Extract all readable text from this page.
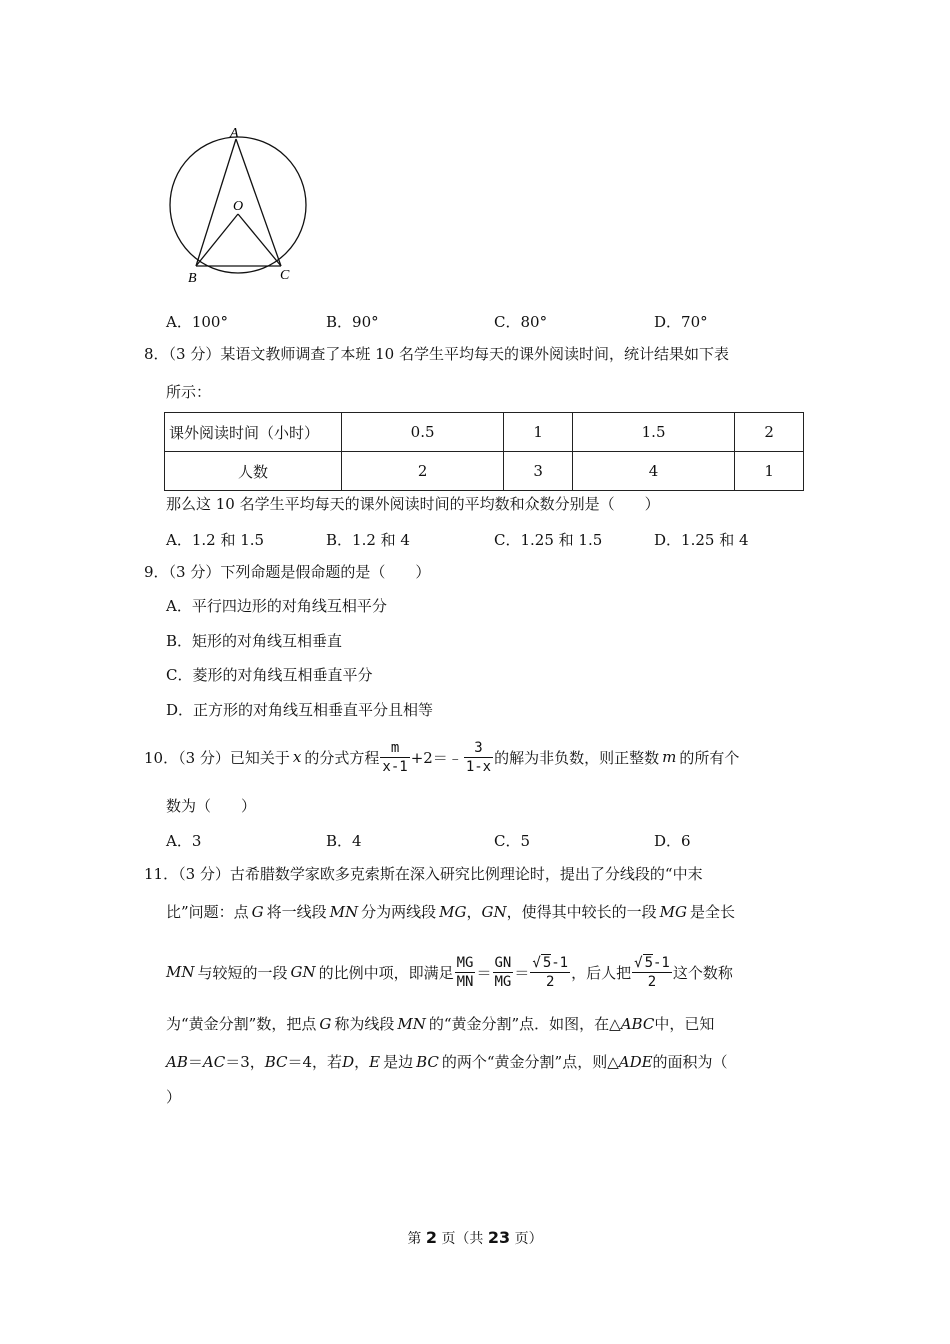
A
O
B	C
A．100°	B．90°	C．80°	D．70°
8．（3 分）某语文教师调查了本班 10 名学生平均每天的课外阅读时间，统计结果如下表
所示：
课外阅读时间（小时）	0.5	1	1.5	2
人数	2	3	4	1
那么这 10 名学生平均每天的课外阅读时间的平均数和众数分别是（　　）
A．1.2 和 1.5	B．1.2 和 4	C．1.25 和 1.5	D．1.25 和 4
9．（3 分）下列命题是假命题的是（　　）
A．平行四边形的对角线互相平分
B．矩形的对角线互相垂直
C．菱形的对角线互相垂直平分
D．正方形的对角线互相垂直平分且相等
10．（3 分）已知关于 x 的分式方程 $\frac{m}{x-1}$ +2＝﹣ $\frac{3}{1-x}$ 的解为非负数，则正整数 m 的所有个
数为（　　）
A．3	B．4	C．5	D．6
11．（3 分）古希腊数学家欧多克索斯在深入研究比例理论时，提出了分线段的“中末
比”问题：点 G 将一线段 MN 分为两线段 MG，GN，使得其中较长的一段 MG 是全长
MN 与较短的一段 GN 的比例中项，即满足 $\frac{MG}{MN} = \frac{GN}{MG} = \frac{√ 5-1}{2}$ ，后人把 $\frac{√ 5-1}{2}$ 这个数称
为“黄金分割”数，把点 G 称为线段 MN 的“黄金分割”点．如图，在△ABC中，已知
AB＝AC＝3，BC＝4，若D，E 是边 BC 的两个“黄金分割”点，则△ADE的面积为（
）
第 2 页（共 23 页）
